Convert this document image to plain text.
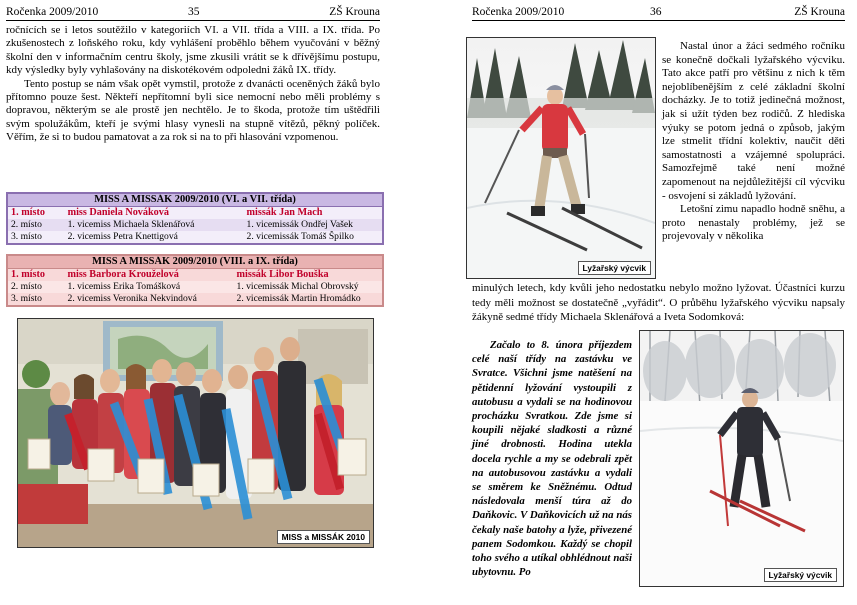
Ročenka 2009/2010	35	ZŠ Krouna

ročnících se i letos soutěžilo v kategoriích VI. a VII. třída a VIII. a IX. třída. Po zkušenostech z loňského roku, kdy vyhlášení proběhlo během vyučování v běžný školní den v informačním centru školy, jsme zkusili vrátit se k dřívějšímu postupu, kdy výsledky byly vyhlašovány na diskotékovém odpoledni žáků IX. třídy.

Tento postup se nám však opět vymstil, protože z dvanácti oceněných žáků bylo přítomno pouze šest. Někteří nepřítomní byli sice nemocní nebo měli problémy s dopravou, některým se ale prostě jen nechtělo. Je to škoda, protože tím uštědřili svým spolužákům, kteří je svými hlasy vynesli na stupně vítězů, pěkný políček. Věřím, že si to budou pamatovat a za rok si na to při hlasování vzpomenou.

MISS A MISSÁK 2009/2010 (VI. a VII. třída)		
1. místo	miss Daniela Nováková	missák Jan Mach
2. místo	1. vicemiss Michaela Sklenářová	1. vicemissák Ondřej Vašek
3. místo	2. vicemiss Petra Knettigová	2. vicemissák Tomáš Špilko
MISS A MISSÁK 2009/2010 (VIII. a IX. třída)		
1. místo	miss Barbora Krouželová	missák Libor Bouška
2. místo	1. vicemiss Erika Tomášková	1. vicemissák Michal Obrovský
3. místo	2. vicemiss Veronika Nekvindová	2. vicemissák Martin Hromádko
MISS a MISSÁK 2010
Ročenka 2009/2010	36	ZŠ Krouna
Lyžařský výcvik

Nastal únor a žáci sedmého ročníku se konečně dočkali lyžařského výcviku. Tato akce patří pro většinu z nich k těm nejoblíbenějším z celé základní školní docházky. Je to totiž jedinečná možnost, jak si užít týden bez rodičů. Z hlediska výuky se potom jedná o způsob, jakým lze stmelit třídní kolektiv, naučit děti samostatnosti a vzájemné spolupráci. Samozřejmě také není možné zapomenout na nejdůležitější cíl výcviku - osvojení si základů lyžování.

Letošní zimu napadlo hodně sněhu, a proto nenastaly problémy, jež se projevovaly v několika

minulých letech, kdy kvůli jeho nedostatku nebylo možno lyžovat. Účastníci kurzu tedy měli možnost se dostatečně „vyřádit“. O průběhu lyžařského výcviku napsaly žákyně sedmé třídy Michaela Sklenářová a Iveta Sodomková:

Začalo to 8. února příjezdem celé naší třídy na zastávku ve Svratce. Všichni jsme natěšení na pětidenní lyžování vystoupili z autobusu a vydali se na hodinovou procházku Svratkou. Zde jsme si koupili nějaké sladkosti a různé jiné drobnosti. Hodina utekla docela rychle a my se odebrali zpět na autobusovou zastávku a vydali se směrem ke Sněžnému. Odtud následovala menší túra až do Daňkovic. V Daňkovicích už na nás čekaly naše batohy a lyže, přivezené panem Sodomkou. Každý se chopil toho svého a utíkal obhlédnout naši ubytovnu. Po	Lyžařský výcvik
